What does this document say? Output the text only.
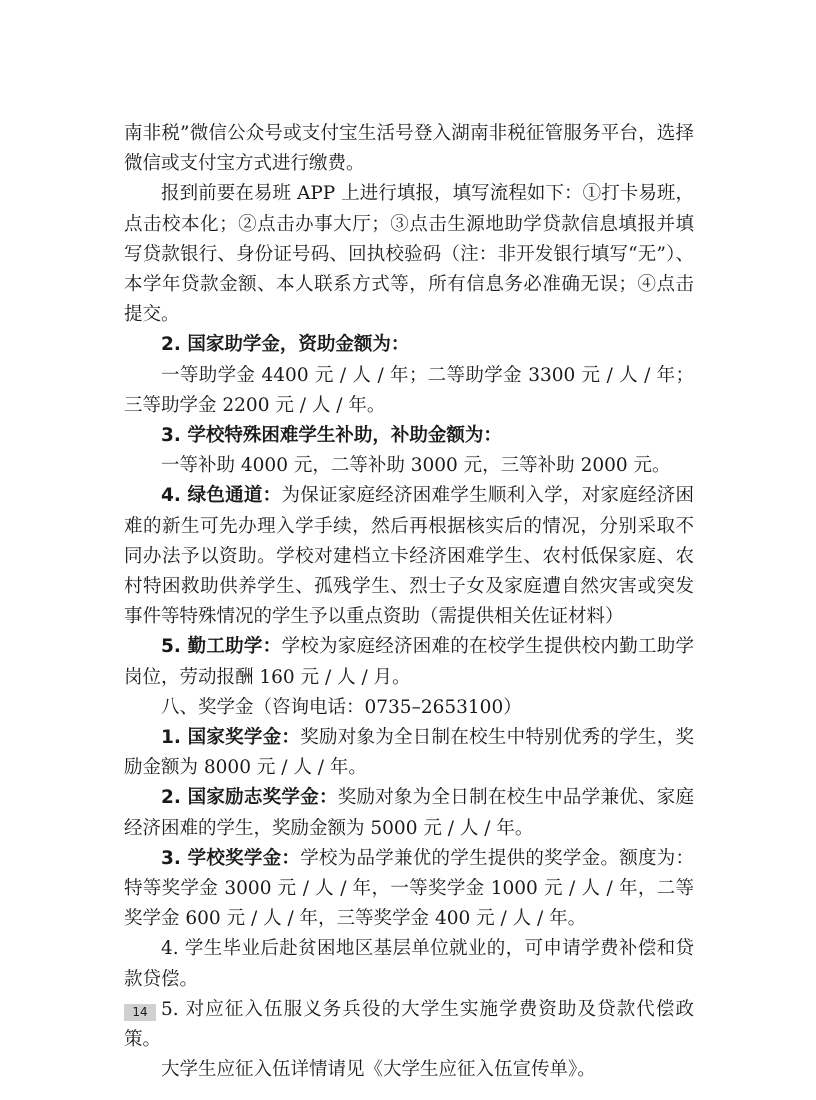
南非税”微信公众号或支付宝生活号登入湖南非税征管服务平台，选择微信或支付宝方式进行缴费。

报到前要在易班 APP 上进行填报，填写流程如下：①打卡易班，点击校本化；②点击办事大厅；③点击生源地助学贷款信息填报并填写贷款银行、身份证号码、回执校验码（注：非开发银行填写“无”）、本学年贷款金额、本人联系方式等，所有信息务必准确无误；④点击提交。

2. 国家助学金，资助金额为：

一等助学金 4400 元 / 人 / 年；二等助学金 3300 元 / 人 / 年；三等助学金 2200 元 / 人 / 年。

3. 学校特殊困难学生补助，补助金额为：

一等补助 4000 元，二等补助 3000 元，三等补助 2000 元。

4. 绿色通道：为保证家庭经济困难学生顺利入学，对家庭经济困难的新生可先办理入学手续，然后再根据核实后的情况，分别采取不同办法予以资助。学校对建档立卡经济困难学生、农村低保家庭、农村特困救助供养学生、孤残学生、烈士子女及家庭遭自然灾害或突发事件等特殊情况的学生予以重点资助（需提供相关佐证材料）

5. 勤工助学：学校为家庭经济困难的在校学生提供校内勤工助学岗位，劳动报酬 160 元 / 人 / 月。

八、奖学金（咨询电话：0735–2653100）

1. 国家奖学金：奖励对象为全日制在校生中特别优秀的学生，奖励金额为 8000 元 / 人 / 年。

2. 国家励志奖学金：奖励对象为全日制在校生中品学兼优、家庭经济困难的学生，奖励金额为 5000 元 / 人 / 年。

3. 学校奖学金：学校为品学兼优的学生提供的奖学金。额度为：特等奖学金 3000 元 / 人 / 年，一等奖学金 1000 元 / 人 / 年，二等奖学金 600 元 / 人 / 年，三等奖学金 400 元 / 人 / 年。

4. 学生毕业后赴贫困地区基层单位就业的，可申请学费补偿和贷款贷偿。

5. 对应征入伍服义务兵役的大学生实施学费资助及贷款代偿政策。

大学生应征入伍详情请见《大学生应征入伍宣传单》。

14
